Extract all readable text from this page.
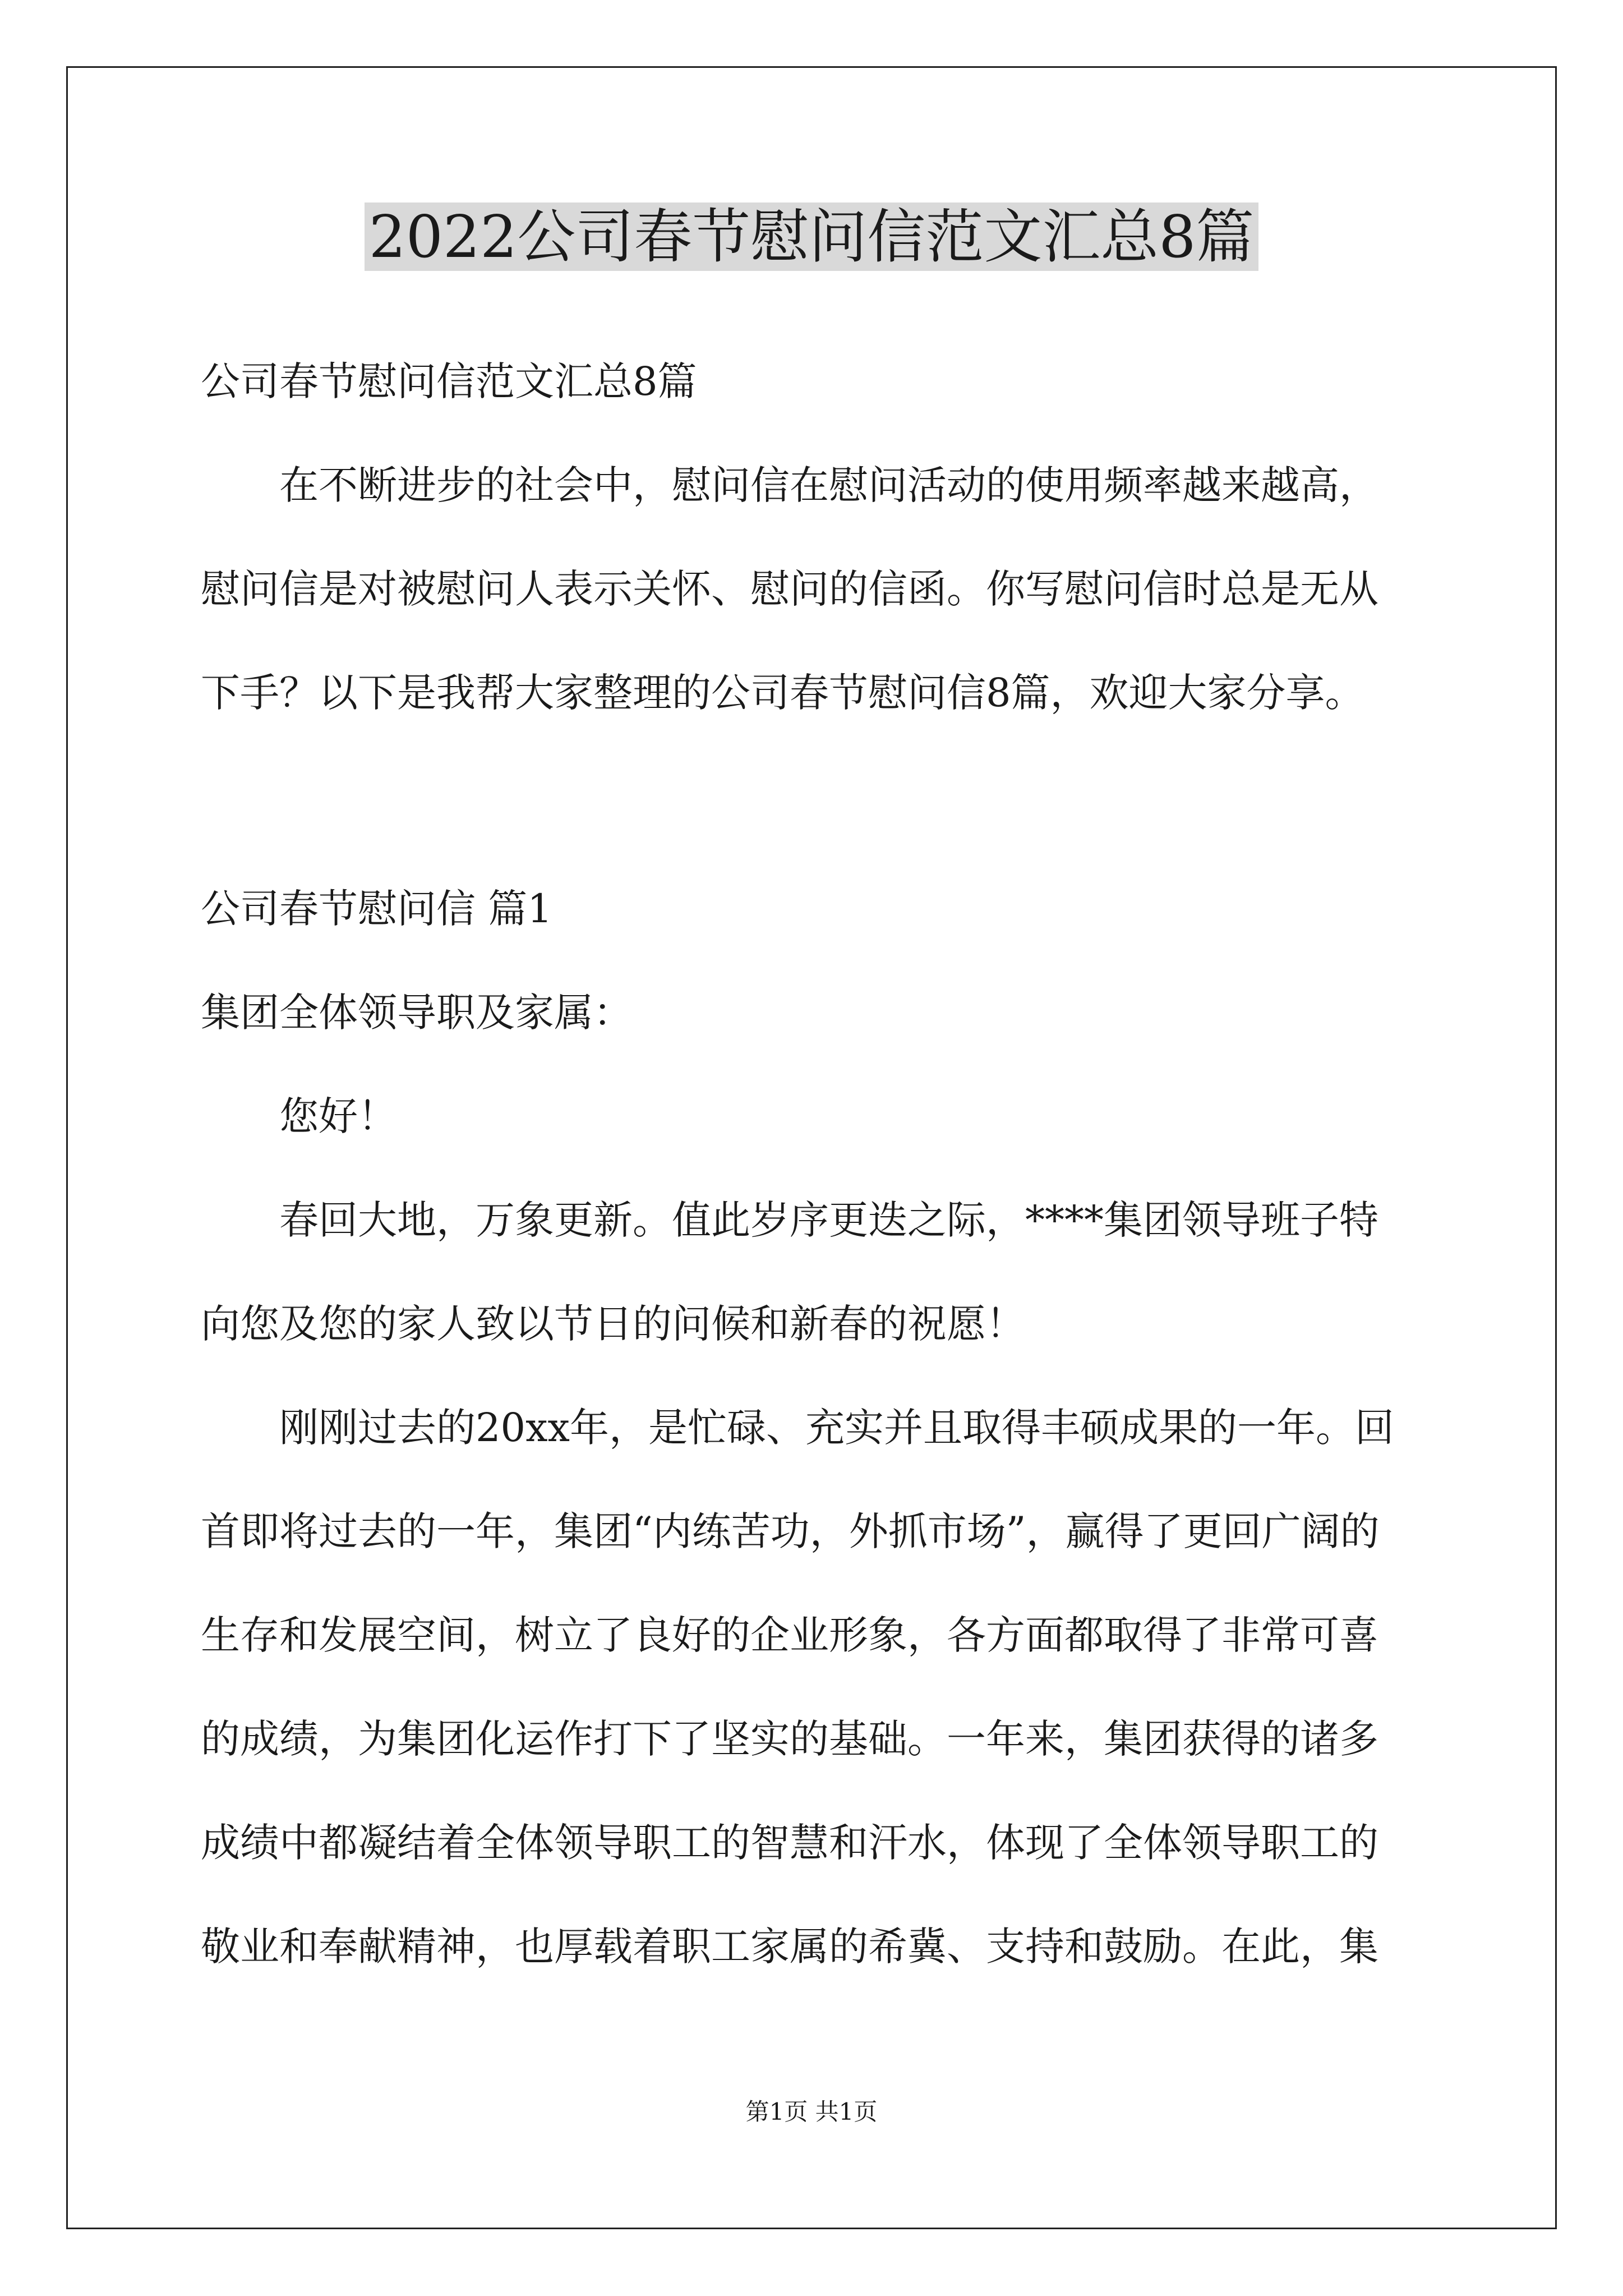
2022公司春节慰问信范文汇总8篇
公司春节慰问信范文汇总8篇
在不断进步的社会中，慰问信在慰问活动的使用频率越来越高，
慰问信是对被慰问人表示关怀、慰问的信函。你写慰问信时总是无从
下手？以下是我帮大家整理的公司春节慰问信8篇，欢迎大家分享。
公司春节慰问信 篇1
集团全体领导职及家属：
您好！
春回大地，万象更新。值此岁序更迭之际，****集团领导班子特
向您及您的家人致以节日的问候和新春的祝愿！
刚刚过去的20xx年，是忙碌、充实并且取得丰硕成果的一年。回
首即将过去的一年，集团“内练苦功，外抓市场”，赢得了更回广阔的
生存和发展空间，树立了良好的企业形象，各方面都取得了非常可喜
的成绩，为集团化运作打下了坚实的基础。一年来，集团获得的诸多
成绩中都凝结着全体领导职工的智慧和汗水，体现了全体领导职工的
敬业和奉献精神，也厚载着职工家属的希冀、支持和鼓励。在此，集
第1页 共1页
